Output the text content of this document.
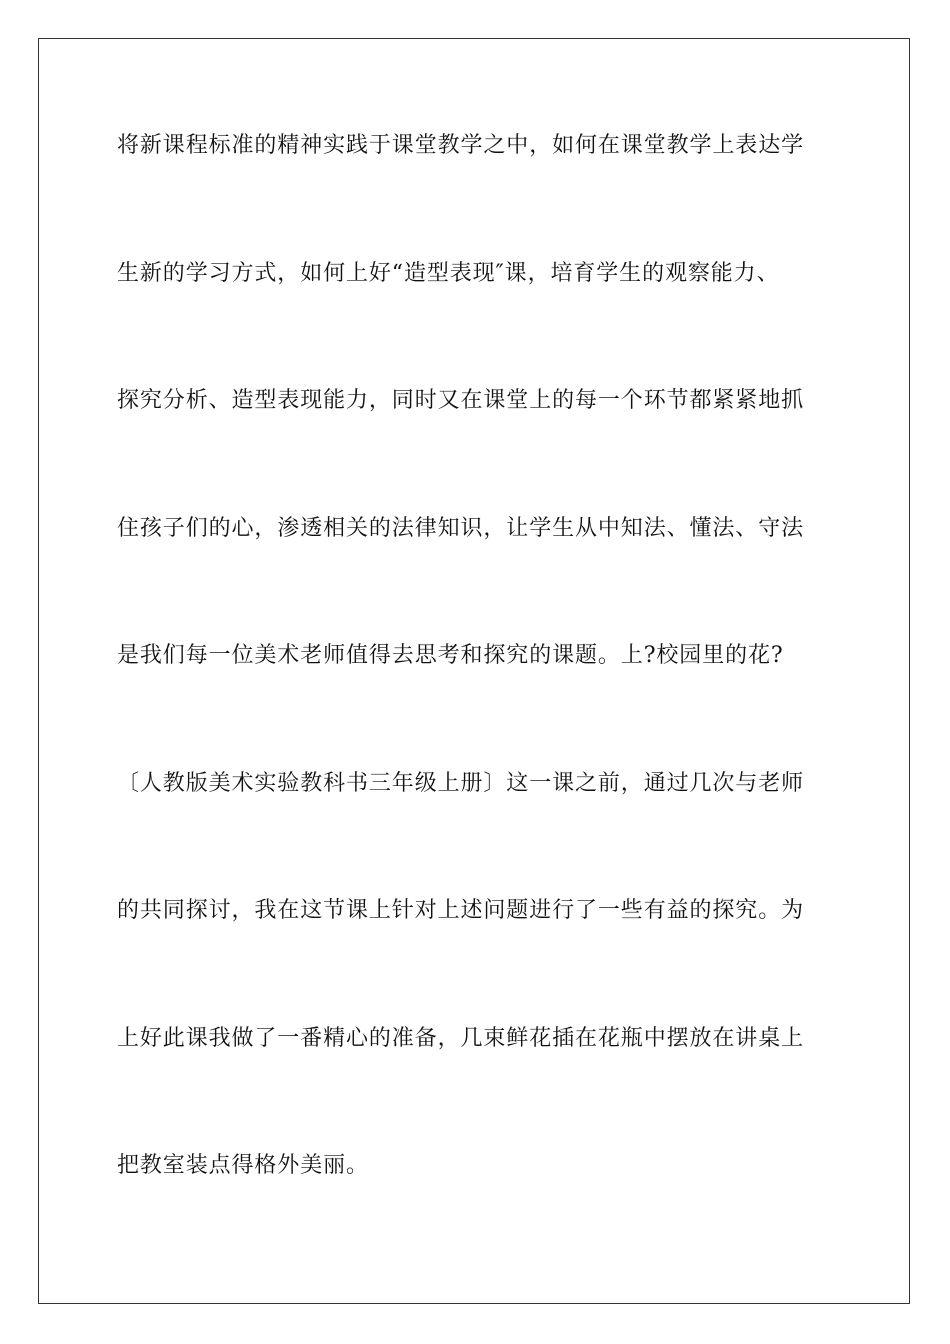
将新课程标准的精神实践于课堂教学之中，如何在课堂教学上表达学
生新的学习方式，如何上好“造型表现″课，培育学生的观察能力、
探究分析、造型表现能力，同时又在课堂上的每一个环节都紧紧地抓
住孩子们的心，渗透相关的法律知识，让学生从中知法、懂法、守法
是我们每一位美术老师值得去思考和探究的课题。上?校园里的花?
〔人教版美术实验教科书三年级上册〕这一课之前，通过几次与老师
的共同探讨，我在这节课上针对上述问题进行了一些有益的探究。为
上好此课我做了一番精心的准备，几束鲜花插在花瓶中摆放在讲桌上
把教室装点得格外美丽。
